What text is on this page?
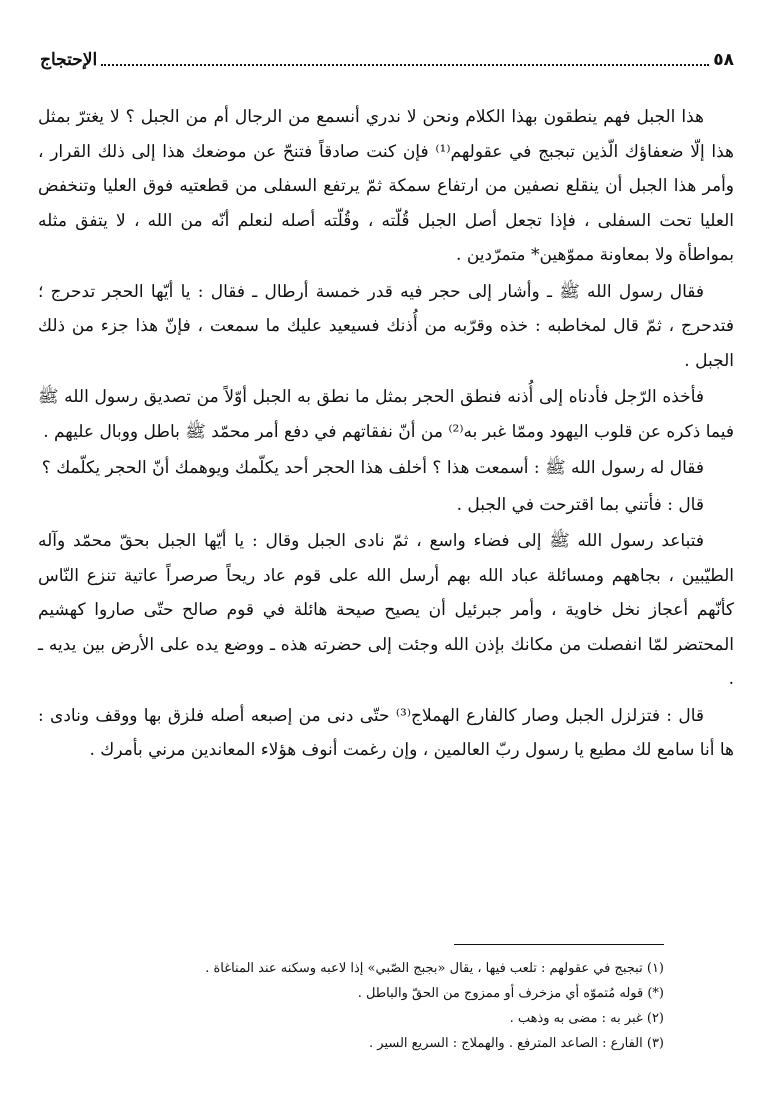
٥٨
الإحتجاج

هذا الجبل فهم ينطقون بهذا الكلام ونحن لا ندري أنسمع من الرجال أم من الجبل ؟ لا يغترّ بمثل هذا إلّا ضعفاؤك الّذين تبجبج في عقولهم⁽¹⁾ فإن كنت صادقاً فتنحّ عن موضعك هذا إلى ذلك القرار ، وأمر هذا الجبل أن ينقلع نصفين من ارتفاع سمكة ثمّ يرتفع السفلى من قطعتيه فوق العليا وتنخفض العليا تحت السفلى ، فإذا تجعل أصل الجبل قُلّته ، وقُلّته أصله لنعلم أنّه من الله ، لا يتفق مثله بمواطأة ولا بمعاونة مموّهين* متمرّدين .

فقال رسول الله ﷺ ـ وأشار إلى حجر فيه قدر خمسة أرطال ـ فقال : يا أيّها الحجر تدحرج ؛ فتدحرج ، ثمّ قال لمخاطبه : خذه وقرّبه من أُذنك فسيعيد عليك ما سمعت ، فإنّ هذا جزء من ذلك الجبل .

فأخذه الرّجل فأدناه إلى أُذنه فنطق الحجر بمثل ما نطق به الجبل أوّلاً من تصديق رسول الله ﷺ فيما ذكره عن قلوب اليهود وممّا غبر به⁽²⁾ من أنّ نفقاتهم في دفع أمر محمّد ﷺ باطل ووبال عليهم .

فقال له رسول الله ﷺ : أسمعت هذا ؟ أخلف هذا الحجر أحد يكلّمك ويوهمك أنّ الحجر يكلّمك ؟

قال : فأتني بما اقترحت في الجبل .

فتباعد رسول الله ﷺ إلى فضاء واسع ، ثمّ نادى الجبل وقال : يا أيّها الجبل بحقّ محمّد وآله الطيّبين ، بجاههم ومسائلة عباد الله بهم أرسل الله على قوم عاد ريحاً صرصراً عاتية تنزع النّاس كأنّهم أعجاز نخل خاوية ، وأمر جبرئيل أن يصيح صيحة هائلة في قوم صالح حتّى صاروا كهشيم المحتضر لمّا انفصلت من مكانك بإذن الله وجئت إلى حضرته هذه ـ ووضع يده على الأرض بين يديه ـ .

قال : فتزلزل الجبل وصار كالفارع الهملاج⁽³⁾ حتّى دنى من إصبعه أصله فلزق بها ووقف ونادى : ها أنا سامع لك مطيع يا رسول ربّ العالمين ، وإن رغمت أنوف هؤلاء المعاندين مرني بأمرك .

(١) تبجبج في عقولهم : تلعب فيها ، يقال «بجبج الصّبي» إذا لاعبه وسكنه عند المناغاة .
(*) قوله مُتموّه أي مزخرف أو ممزوج من الحقّ والباطل .
(٢) غبر به : مضى به وذهب .
(٣) الفارع : الصاعد المترفع . والهملاج : السريع السير .
